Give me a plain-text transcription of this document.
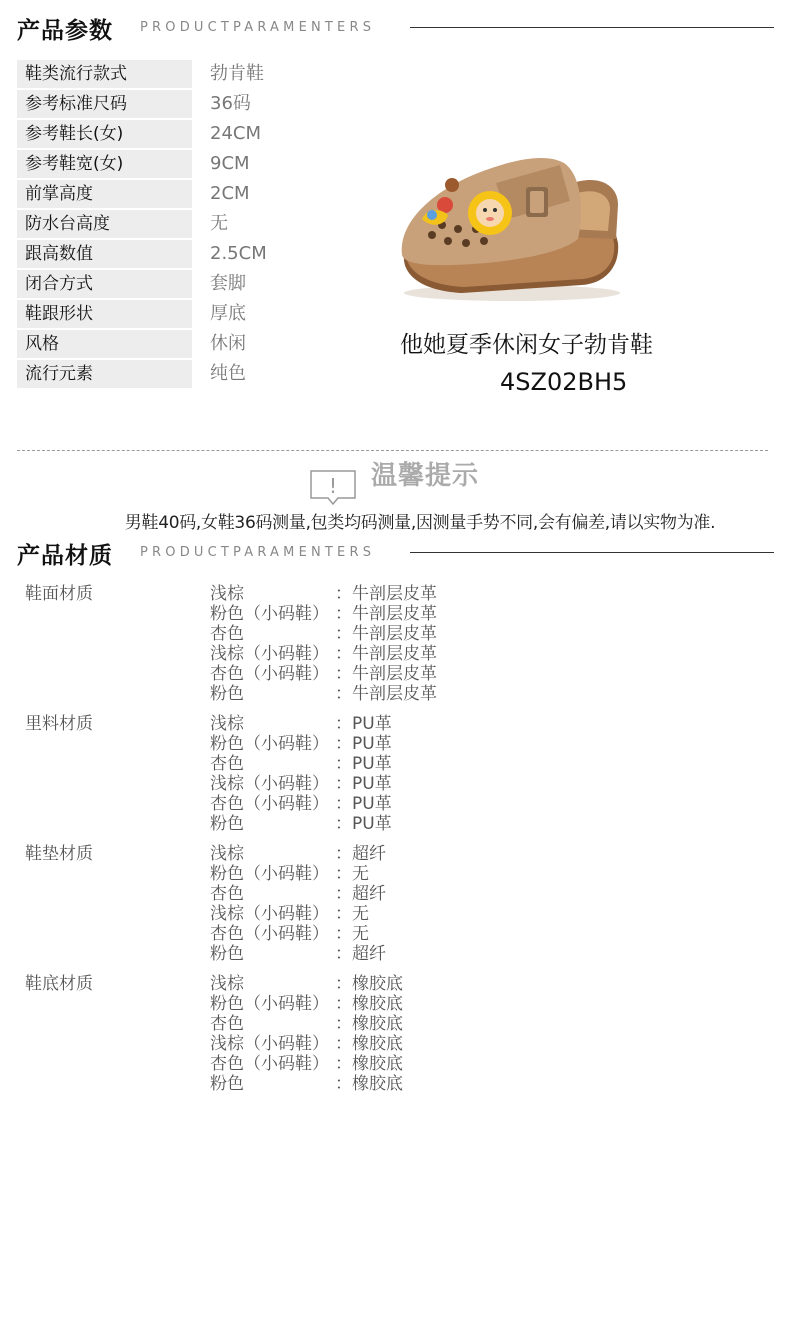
产品参数 PRODUCTPARAMENTERS
鞋类流行款式	勃肯鞋
参考标准尺码	36码
参考鞋长(女)	24CM
参考鞋宽(女)	9CM
前掌高度	2CM
防水台高度	无
跟高数值	2.5CM
闭合方式	套脚
鞋跟形状	厚底
风格	休闲
流行元素	纯色
他她夏季休闲女子勃肯鞋
4SZ02BH5
! 温馨提示
男鞋40码,女鞋36码测量,包类均码测量,因测量手势不同,会有偏差,请以实物为准.
产品材质 PRODUCTPARAMENTERS
鞋面材质	浅棕	：牛剖层皮革
粉色（小码鞋） ：牛剖层皮革
杏色	：牛剖层皮革
浅棕（小码鞋） ：牛剖层皮革
杏色（小码鞋） ：牛剖层皮革
粉色	：牛剖层皮革
里料材质	浅棕	：PU革
粉色（小码鞋） ：PU革
杏色	：PU革
浅棕（小码鞋） ：PU革
杏色（小码鞋） ：PU革
粉色	：PU革
鞋垫材质	浅棕	：超纤
粉色（小码鞋） ：无
杏色	：超纤
浅棕（小码鞋） ：无
杏色（小码鞋） ：无
粉色	：超纤
鞋底材质	浅棕	：橡胶底
粉色（小码鞋） ：橡胶底
杏色	：橡胶底
浅棕（小码鞋） ：橡胶底
杏色（小码鞋） ：橡胶底
粉色	：橡胶底
